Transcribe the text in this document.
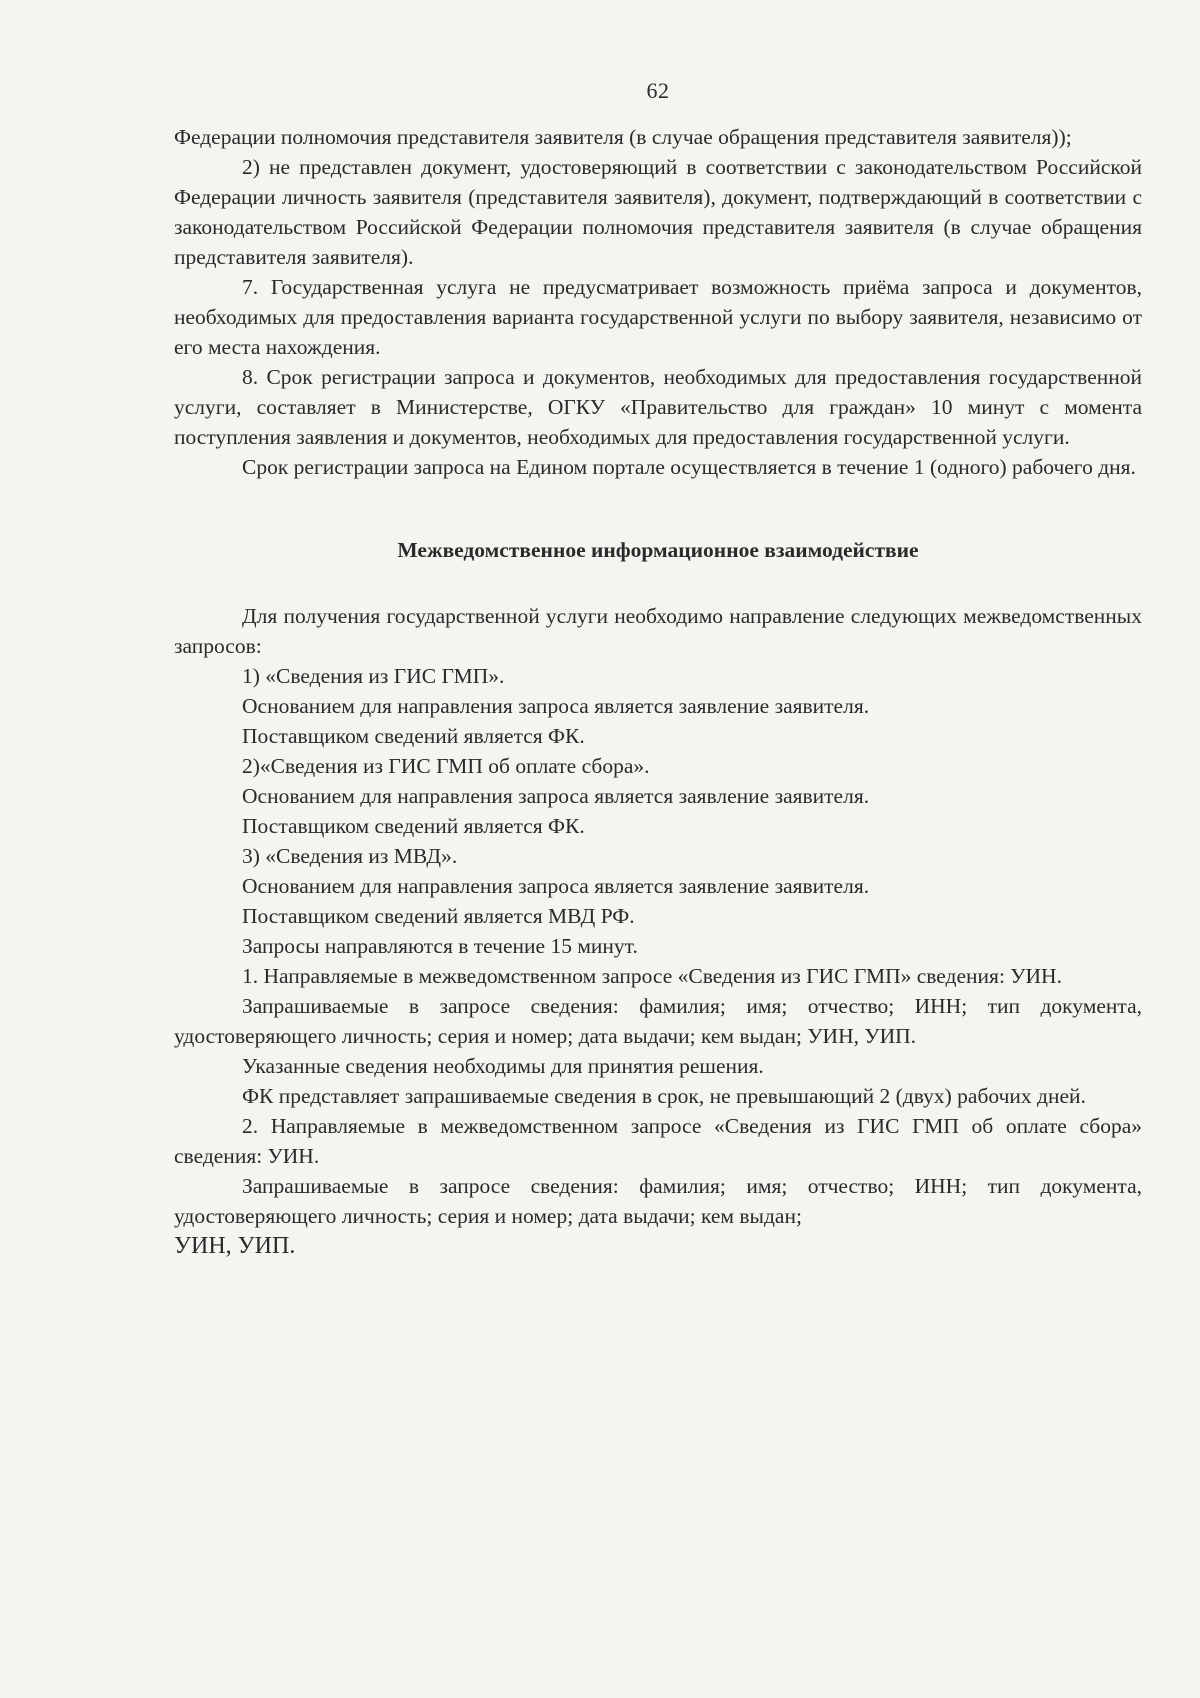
62

Федерации полномочия представителя заявителя (в случае обращения представителя заявителя));

2) не представлен документ, удостоверяющий в соответствии с законодательством Российской Федерации личность заявителя (представителя заявителя), документ, подтверждающий в соответствии с законодательством Российской Федерации полномочия представителя заявителя (в случае обращения представителя заявителя).

7. Государственная услуга не предусматривает возможность приёма запроса и документов, необходимых для предоставления варианта государственной услуги по выбору заявителя, независимо от его места нахождения.

8. Срок регистрации запроса и документов, необходимых для предоставления государственной услуги, составляет в Министерстве, ОГКУ «Правительство для граждан» 10 минут с момента поступления заявления и документов, необходимых для предоставления государственной услуги.

Срок регистрации запроса на Едином портале осуществляется в течение 1 (одного) рабочего дня.

Межведомственное информационное взаимодействие

Для получения государственной услуги необходимо направление следующих межведомственных запросов:

1) «Сведения из ГИС ГМП».

Основанием для направления запроса является заявление заявителя.

Поставщиком сведений является ФК.

2)«Сведения из ГИС ГМП об оплате сбора».

Основанием для направления запроса является заявление заявителя.

Поставщиком сведений является ФК.

3) «Сведения из МВД».

Основанием для направления запроса является заявление заявителя.

Поставщиком сведений является МВД РФ.

Запросы направляются в течение 15 минут.

1. Направляемые в межведомственном запросе «Сведения из ГИС ГМП» сведения: УИН.

Запрашиваемые в запросе сведения: фамилия; имя; отчество; ИНН; тип документа, удостоверяющего личность; серия и номер; дата выдачи; кем выдан; УИН, УИП.

Указанные сведения необходимы для принятия решения.

ФК представляет запрашиваемые сведения в срок, не превышающий 2 (двух) рабочих дней.

2. Направляемые в межведомственном запросе «Сведения из ГИС ГМП об оплате сбора» сведения: УИН.

Запрашиваемые в запросе сведения: фамилия; имя; отчество; ИНН; тип документа, удостоверяющего личность; серия и номер; дата выдачи; кем выдан;

УИН, УИП.
